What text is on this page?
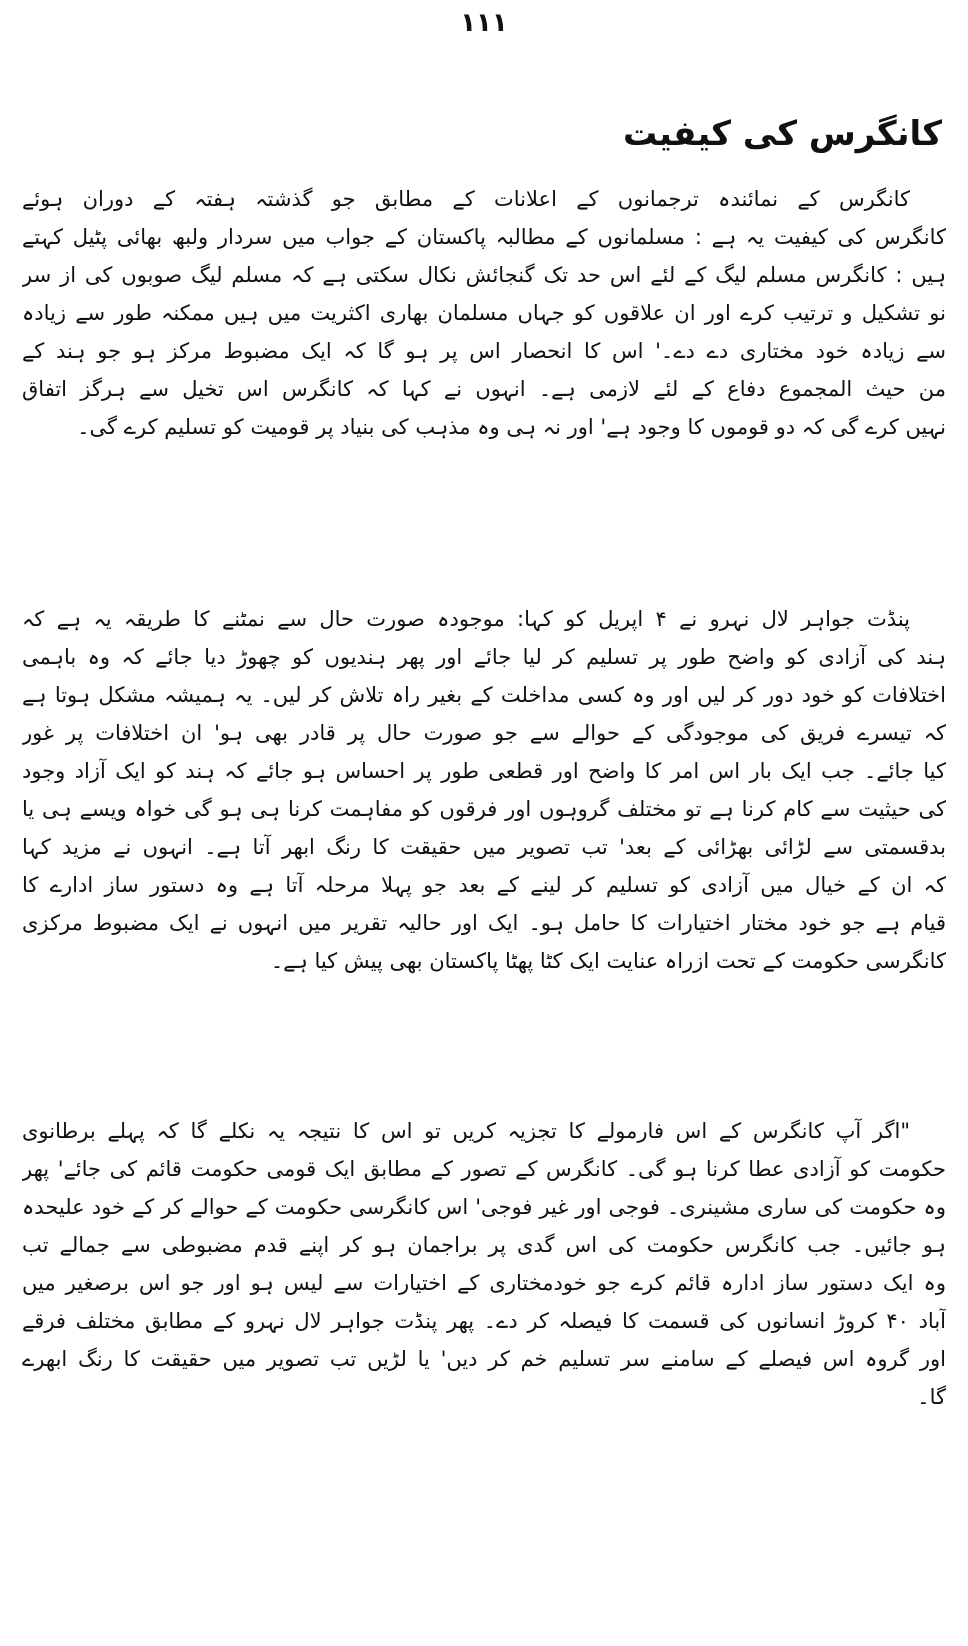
۱۱۱
کانگرس کی کیفیت
کانگرس کے نمائندہ ترجمانوں کے اعلانات کے مطابق جو گذشتہ ہفتہ کے دوران ہوئے
کانگرس کی کیفیت یہ ہے : مسلمانوں کے مطالبہ پاکستان کے جواب میں سردار ولبھ بھائی پٹیل کہتے
ہیں : کانگرس مسلم لیگ کے لئے اس حد تک گنجائش نکال سکتی ہے کہ مسلم لیگ صوبوں کی از سر
نو تشکیل و ترتیب کرے اور ان علاقوں کو جہاں مسلمان بھاری اکثریت میں ہیں ممکنہ طور سے زیادہ
سے زیادہ خود مختاری دے دے۔' اس کا انحصار اس پر ہو گا کہ ایک مضبوط مرکز ہو جو ہند کے
من حیث المجموع دفاع کے لئے لازمی ہے۔ انہوں نے کہا کہ کانگرس اس تخیل سے ہرگز اتفاق
نہیں کرے گی کہ دو قوموں کا وجود ہے' اور نہ ہی وہ مذہب کی بنیاد پر قومیت کو تسلیم کرے گی۔
پنڈت جواہر لال نہرو نے ۴ اپریل کو کہا: موجودہ صورت حال سے نمٹنے کا طریقہ یہ ہے کہ
ہند کی آزادی کو واضح طور پر تسلیم کر لیا جائے اور پھر ہندیوں کو چھوڑ دیا جائے کہ وہ باہمی
اختلافات کو خود دور کر لیں اور وہ کسی مداخلت کے بغیر راہ تلاش کر لیں۔ یہ ہمیشہ مشکل ہوتا ہے
کہ تیسرے فریق کی موجودگی کے حوالے سے جو صورت حال پر قادر بھی ہو' ان اختلافات پر غور
کیا جائے۔ جب ایک بار اس امر کا واضح اور قطعی طور پر احساس ہو جائے کہ ہند کو ایک آزاد وجود
کی حیثیت سے کام کرنا ہے تو مختلف گروہوں اور فرقوں کو مفاہمت کرنا ہی ہو گی خواہ ویسے ہی یا
بدقسمتی سے لڑائی بھڑائی کے بعد' تب تصویر میں حقیقت کا رنگ ابھر آتا ہے۔ انہوں نے مزید کہا
کہ ان کے خیال میں آزادی کو تسلیم کر لینے کے بعد جو پہلا مرحلہ آتا ہے وہ دستور ساز ادارے کا
قیام ہے جو خود مختار اختیارات کا حامل ہو۔ ایک اور حالیہ تقریر میں انہوں نے ایک مضبوط مرکزی
کانگرسی حکومت کے تحت ازراہ عنایت ایک کٹا پھٹا پاکستان بھی پیش کیا ہے۔
"اگر آپ کانگرس کے اس فارمولے کا تجزیہ کریں تو اس کا نتیجہ یہ نکلے گا کہ پہلے برطانوی
حکومت کو آزادی عطا کرنا ہو گی۔ کانگرس کے تصور کے مطابق ایک قومی حکومت قائم کی جائے' پھر
وہ حکومت کی ساری مشینری۔ فوجی اور غیر فوجی' اس کانگرسی حکومت کے حوالے کر کے خود علیحدہ
ہو جائیں۔ جب کانگرس حکومت کی اس گدی پر براجمان ہو کر اپنے قدم مضبوطی سے جمالے تب
وہ ایک دستور ساز ادارہ قائم کرے جو خودمختاری کے اختیارات سے لیس ہو اور جو اس برصغیر میں
آباد ۴۰ کروڑ انسانوں کی قسمت کا فیصلہ کر دے۔ پھر پنڈت جواہر لال نہرو کے مطابق مختلف فرقے
اور گروہ اس فیصلے کے سامنے سر تسلیم خم کر دیں' یا لڑیں تب تصویر میں حقیقت کا رنگ ابھرے
گا۔
